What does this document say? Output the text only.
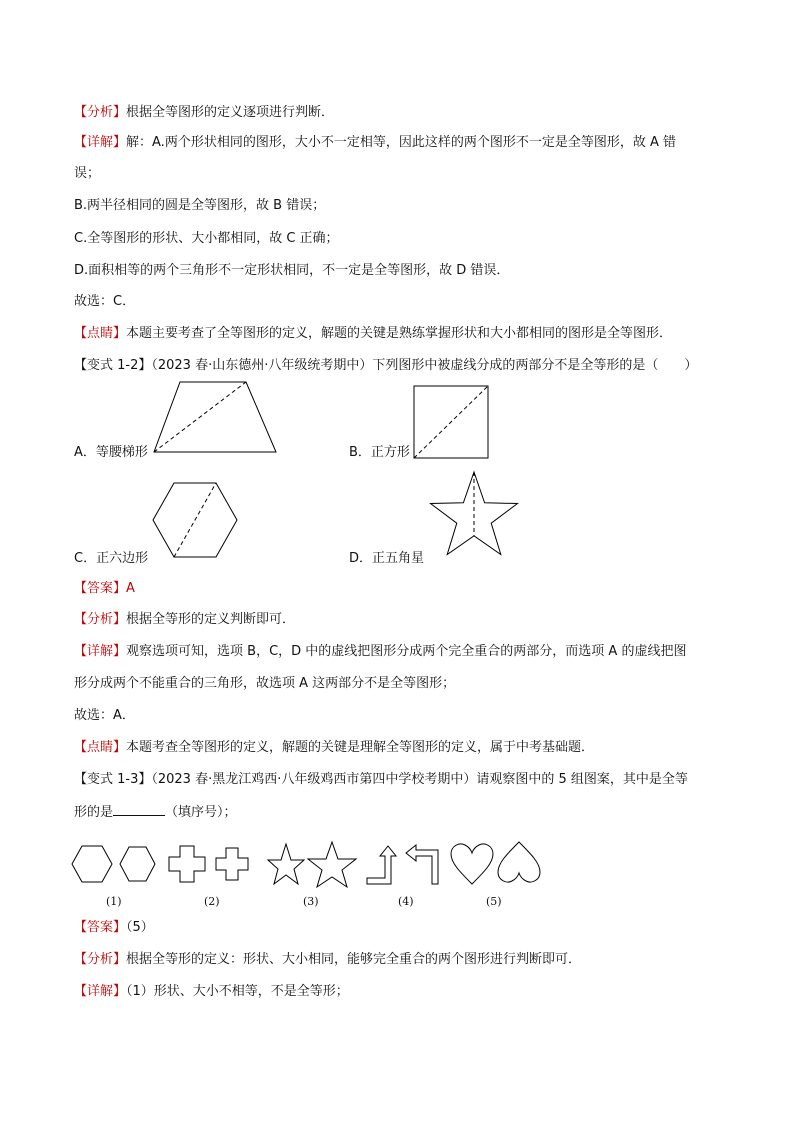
【分析】根据全等图形的定义逐项进行判断．
【详解】解：A.两个形状相同的图形，大小不一定相等，因此这样的两个图形不一定是全等图形，故 A 错
误；
B.两半径相同的圆是全等图形，故 B 错误；
C.全等图形的形状、大小都相同，故 C 正确；
D.面积相等的两个三角形不一定形状相同，不一定是全等图形，故 D 错误．
故选：C．
【点睛】本题主要考查了全等图形的定义，解题的关键是熟练掌握形状和大小都相同的图形是全等图形．
【变式 1-2】（2023 春·山东德州·八年级统考期中）下列图形中被虚线分成的两部分不是全等形的是（　　）
A．等腰梯形	B．正方形
C．正六边形	D．正五角星
【答案】A
【分析】根据全等形的定义判断即可．
【详解】观察选项可知，选项 B，C，D 中的虚线把图形分成两个完全重合的两部分，而选项 A 的虚线把图
形分成两个不能重合的三角形，故选项 A 这两部分不是全等图形；
故选：A．
【点睛】本题考查全等图形的定义，解题的关键是理解全等图形的定义，属于中考基础题．
【变式 1-3】（2023 春·黑龙江鸡西·八年级鸡西市第四中学校考期中）请观察图中的 5 组图案，其中是全等
形的是	（填序号）；
(1)	(2)	(3)	(4)	(5)
【答案】（5）
【分析】根据全等形的定义：形状、大小相同，能够完全重合的两个图形进行判断即可．
【详解】（1）形状、大小不相等，不是全等形；
